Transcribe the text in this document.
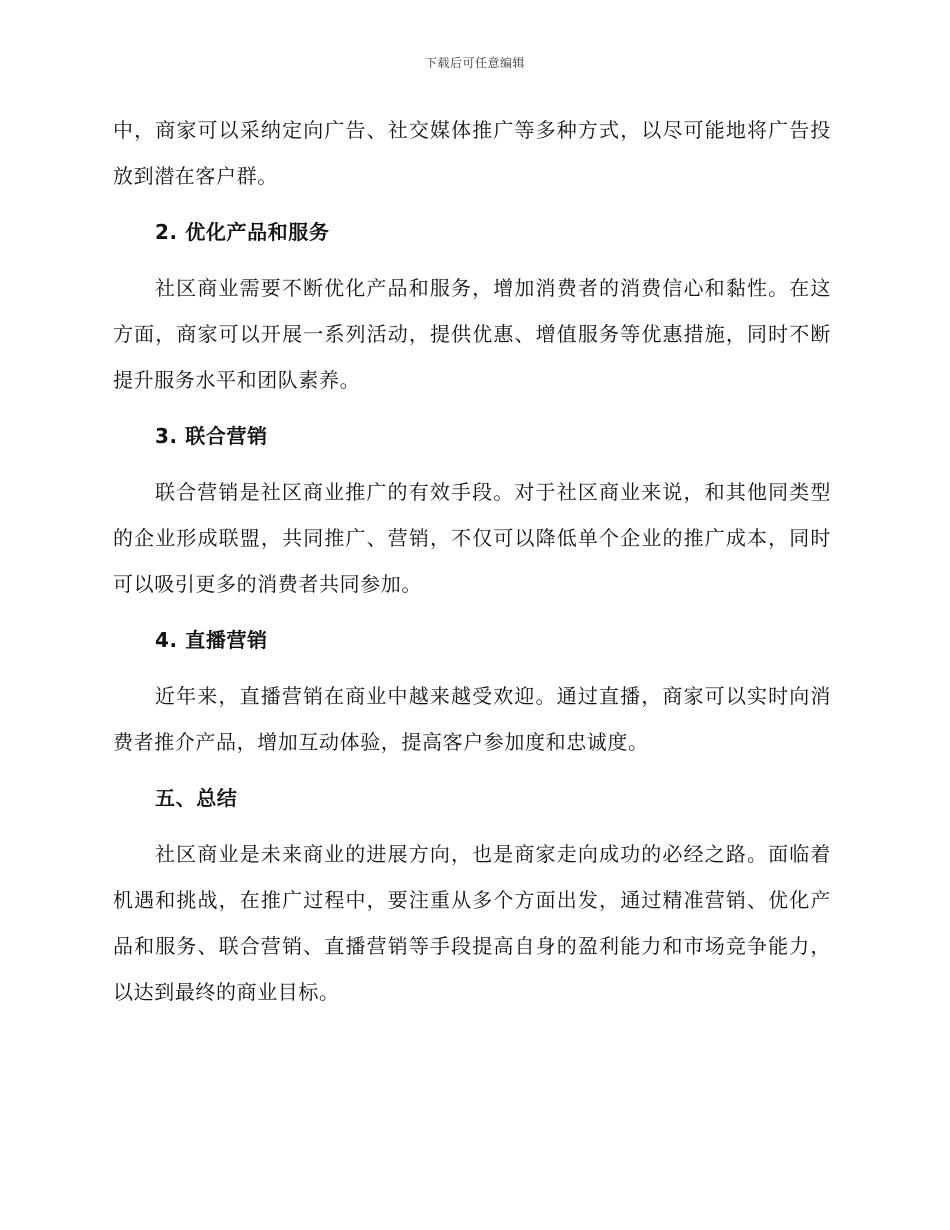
下载后可任意编辑

中，商家可以采纳定向广告、社交媒体推广等多种方式，以尽可能地将广告投放到潜在客户群。

2. 优化产品和服务

社区商业需要不断优化产品和服务，增加消费者的消费信心和黏性。在这方面，商家可以开展一系列活动，提供优惠、增值服务等优惠措施，同时不断提升服务水平和团队素养。

3. 联合营销

联合营销是社区商业推广的有效手段。对于社区商业来说，和其他同类型的企业形成联盟，共同推广、营销，不仅可以降低单个企业的推广成本，同时可以吸引更多的消费者共同参加。

4. 直播营销

近年来，直播营销在商业中越来越受欢迎。通过直播，商家可以实时向消费者推介产品，增加互动体验，提高客户参加度和忠诚度。

五、总结

社区商业是未来商业的进展方向，也是商家走向成功的必经之路。面临着机遇和挑战，在推广过程中，要注重从多个方面出发，通过精准营销、优化产品和服务、联合营销、直播营销等手段提高自身的盈利能力和市场竞争能力，以达到最终的商业目标。
